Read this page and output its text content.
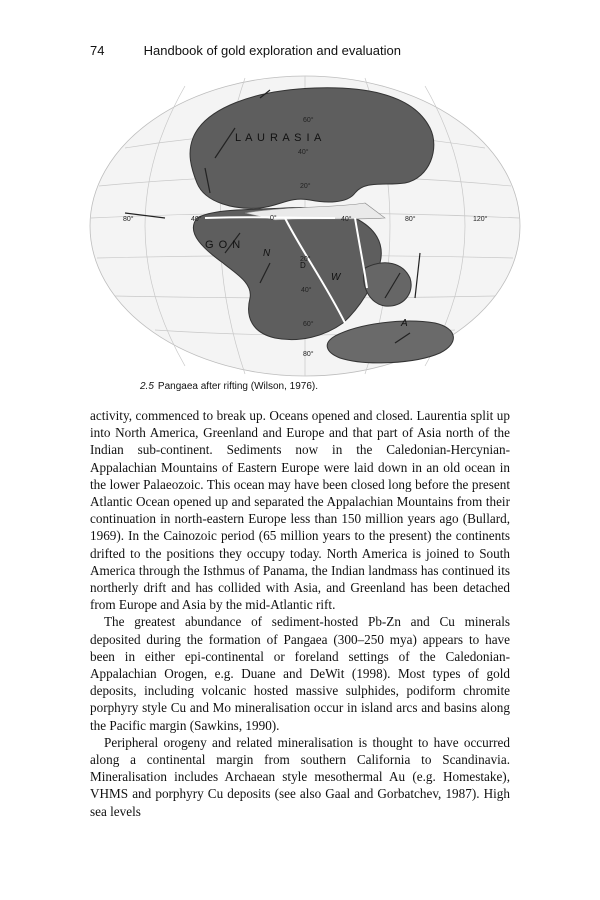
74	Handbook of gold exploration and evaluation
L A U R A S I A
G O N
N
W
A
D
60°
40°
20°
0°
20°
40°
60°
80°
80°	40°	40°	80°	120°
2.5 Pangaea after rifting (Wilson, 1976).

activity, commenced to break up. Oceans opened and closed. Laurentia split up into North America, Greenland and Europe and that part of Asia north of the Indian sub-continent. Sediments now in the Caledonian-Hercynian-Appalachian Mountains of Eastern Europe were laid down in an old ocean in the lower Palaeozoic. This ocean may have been closed long before the present Atlantic Ocean opened up and separated the Appalachian Mountains from their continuation in north-eastern Europe less than 150 million years ago (Bullard, 1969). In the Cainozoic period (65 million years to the present) the continents drifted to the positions they occupy today. North America is joined to South America through the Isthmus of Panama, the Indian landmass has continued its northerly drift and has collided with Asia, and Greenland has been detached from Europe and Asia by the mid-Atlantic rift.

The greatest abundance of sediment-hosted Pb-Zn and Cu minerals deposited during the formation of Pangaea (300–250 mya) appears to have been in either epi-continental or foreland settings of the Caledonian-Appalachian Orogen, e.g. Duane and DeWit (1998). Most types of gold deposits, including volcanic hosted massive sulphides, podiform chromite porphyry style Cu and Mo mineralisation occur in island arcs and basins along the Pacific margin (Sawkins, 1990).

Peripheral orogeny and related mineralisation is thought to have occurred along a continental margin from southern California to Scandinavia. Mineralisation includes Archaean style mesothermal Au (e.g. Homestake), VHMS and porphyry Cu deposits (see also Gaal and Gorbatchev, 1987). High sea levels
